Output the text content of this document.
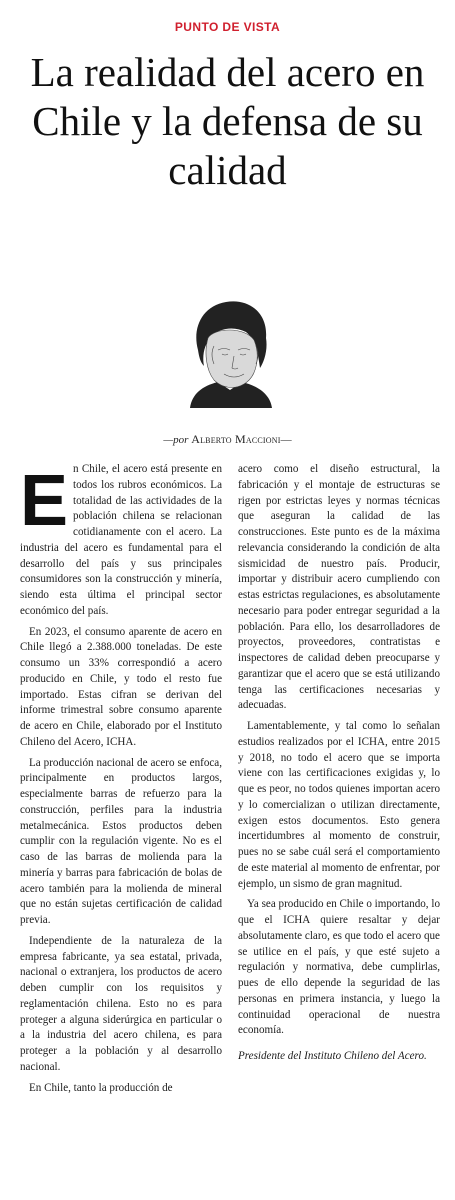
PUNTO DE VISTA
La realidad del acero en Chile y la defensa de su calidad
—por Alberto Maccioni—

En Chile, el acero está presente en todos los rubros económicos. La totalidad de las actividades de la población chilena se relacionan cotidianamente con el acero. La industria del acero es fundamental para el desarrollo del país y sus principales consumidores son la construcción y minería, siendo esta última el principal sector económico del país.

En 2023, el consumo aparente de acero en Chile llegó a 2.388.000 toneladas. De este consumo un 33% correspondió a acero producido en Chile, y todo el resto fue importado. Estas cifran se derivan del informe trimestral sobre consumo aparente de acero en Chile, elaborado por el Instituto Chileno del Acero, ICHA.

La producción nacional de acero se enfoca, principalmente en productos largos, especialmente barras de refuerzo para la construcción, perfiles para la industria metalmecánica. Estos productos deben cumplir con la regulación vigente. No es el caso de las barras de molienda para la minería y barras para fabricación de bolas de acero también para la molienda de mineral que no están sujetas certificación de calidad previa.

Independiente de la naturaleza de la empresa fabricante, ya sea estatal, privada, nacional o extranjera, los productos de acero deben cumplir con los requisitos y reglamentación chilena. Esto no es para proteger a alguna siderúrgica en particular o a la industria del acero chilena, es para proteger a la población y al desarrollo nacional.

En Chile, tanto la producción de

acero como el diseño estructural, la fabricación y el montaje de estructuras se rigen por estrictas leyes y normas técnicas que aseguran la calidad de las construcciones. Este punto es de la máxima relevancia considerando la condición de alta sismicidad de nuestro país. Producir, importar y distribuir acero cumpliendo con estas estrictas regulaciones, es absolutamente necesario para poder entregar seguridad a la población. Para ello, los desarrolladores de proyectos, proveedores, contratistas e inspectores de calidad deben preocuparse y garantizar que el acero que se está utilizando tenga las certificaciones necesarias y adecuadas.

Lamentablemente, y tal como lo señalan estudios realizados por el ICHA, entre 2015 y 2018, no todo el acero que se importa viene con las certificaciones exigidas y, lo que es peor, no todos quienes importan acero y lo comercializan o utilizan directamente, exigen estos documentos. Esto genera incertidumbres al momento de construir, pues no se sabe cuál será el comportamiento de este material al momento de enfrentar, por ejemplo, un sismo de gran magnitud.

Ya sea producido en Chile o importando, lo que el ICHA quiere resaltar y dejar absolutamente claro, es que todo el acero que se utilice en el país, y que esté sujeto a regulación y normativa, debe cumplirlas, pues de ello depende la seguridad de las personas en primera instancia, y luego la continuidad operacional de nuestra economía.

Presidente del Instituto Chileno del Acero.
